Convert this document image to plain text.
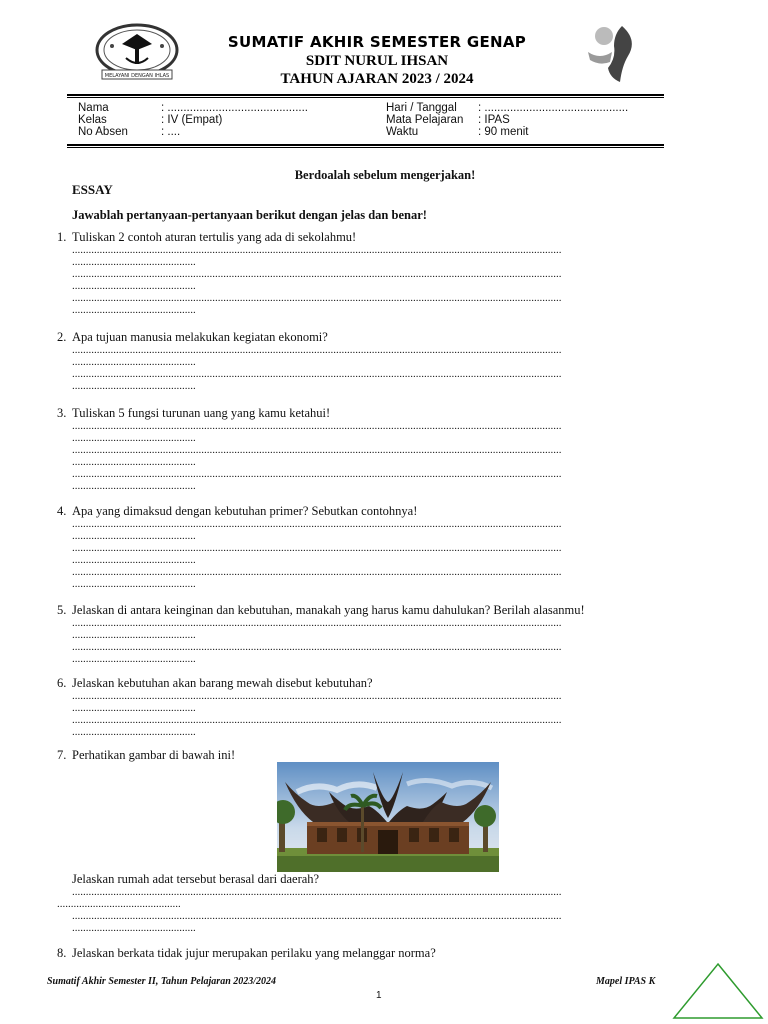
MELAYANI DENGAN IHLAS
SUMATIF AKHIR SEMESTER GENAP
SDIT NURUL IHSAN
TAHUN AJARAN 2023 / 2024
Nama	: ............................................
Kelas	: IV (Empat)
No Absen	: ....
Hari / Tanggal : .............................................
Mata Pelajaran : IPAS
Waktu	: 90 menit
Berdoalah sebelum mengerjakan!
ESSAY
Jawablah pertanyaan-pertanyaan berikut dengan jelas dan benar!
1. Tuliskan 2 contoh aturan tertulis yang ada di sekolahmu!
..................................................................................................................................................................................
.............................................
..................................................................................................................................................................................
.............................................
..................................................................................................................................................................................
.............................................
2. Apa tujuan manusia melakukan kegiatan ekonomi?
..................................................................................................................................................................................
.............................................
..................................................................................................................................................................................
.............................................
3. Tuliskan 5 fungsi turunan uang yang kamu ketahui!
..................................................................................................................................................................................
.............................................
..................................................................................................................................................................................
.............................................
..................................................................................................................................................................................
.............................................
4. Apa yang dimaksud dengan kebutuhan primer? Sebutkan contohnya!
..................................................................................................................................................................................
.............................................
..................................................................................................................................................................................
.............................................
..................................................................................................................................................................................
.............................................
5. Jelaskan di antara keinginan dan kebutuhan, manakah yang harus kamu dahulukan? Berilah alasanmu!
..................................................................................................................................................................................
.............................................
..................................................................................................................................................................................
.............................................
6. Jelaskan kebutuhan akan barang mewah disebut kebutuhan?
..................................................................................................................................................................................
.............................................
..................................................................................................................................................................................
.............................................
7. Perhatikan gambar di bawah ini!
Jelaskan rumah adat tersebut berasal dari daerah?
..................................................................................................................................................................................
.............................................
..................................................................................................................................................................................
.............................................
8. Jelaskan berkata tidak jujur merupakan perilaku yang melanggar norma?
Sumatif Akhir Semester II, Tahun Pelajaran 2023/2024	Mapel IPAS K
1
